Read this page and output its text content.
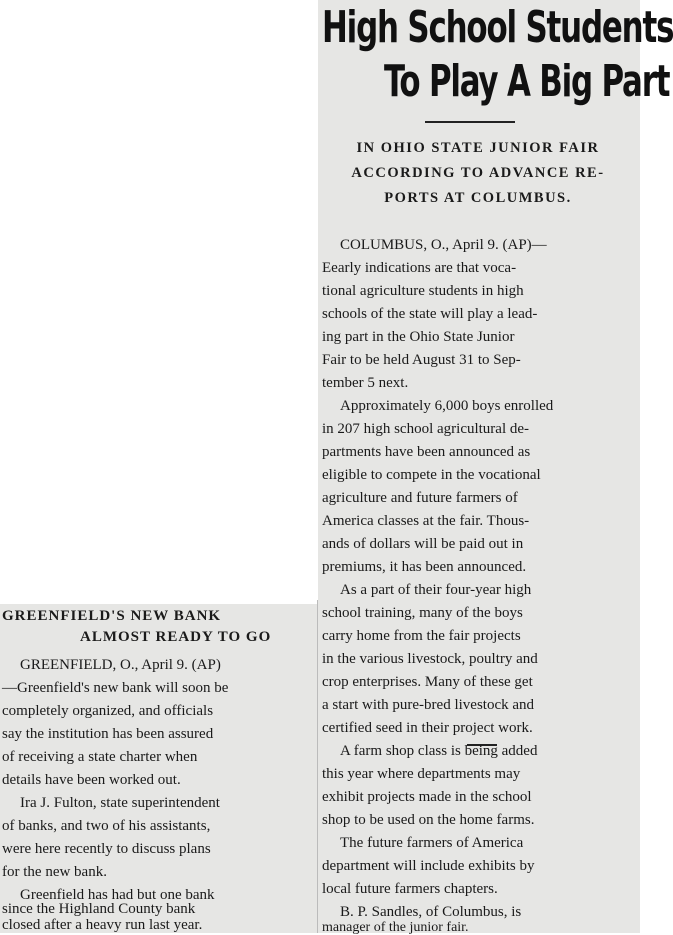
High School Students
To Play A Big Part

IN OHIO STATE JUNIOR FAIR

ACCORDING TO ADVANCE RE-

PORTS AT COLUMBUS.

COLUMBUS, O., April 9. (AP)—

Eearly indications are that voca-

tional agriculture students in high

schools of the state will play a lead-

ing part in the Ohio State Junior

Fair to be held August 31 to Sep-

tember 5 next.

Approximately 6,000 boys enrolled

in 207 high school agricultural de-

partments have been announced as

eligible to compete in the vocational

agriculture and future farmers of

America classes at the fair. Thous-

ands of dollars will be paid out in

premiums, it has been announced.

As a part of their four-year high

school training, many of the boys

carry home from the fair projects

in the various livestock, poultry and

crop enterprises. Many of these get

a start with pure-bred livestock and

A farm shop class is being added

this year where departments may

exhibit projects made in the school

shop to be used on the home farms.

The future farmers of America

department will include exhibits by

local future farmers chapters.

B. P. Sandles, of Columbus, is

manager of the junior fair.

GREENFIELD'S NEW BANK

ALMOST READY TO GO

GREENFIELD, O., April 9. (AP)

—Greenfield's new bank will soon be

completely organized, and officials

say the institution has been assured

of receiving a state charter when

details have been worked out.

Ira J. Fulton, state superintendent

of banks, and two of his assistants,

were here recently to discuss plans

for the new bank.

Greenfield has had but one bank

since the Highland County bank

closed after a heavy run last year.

certified seed in their project work.
